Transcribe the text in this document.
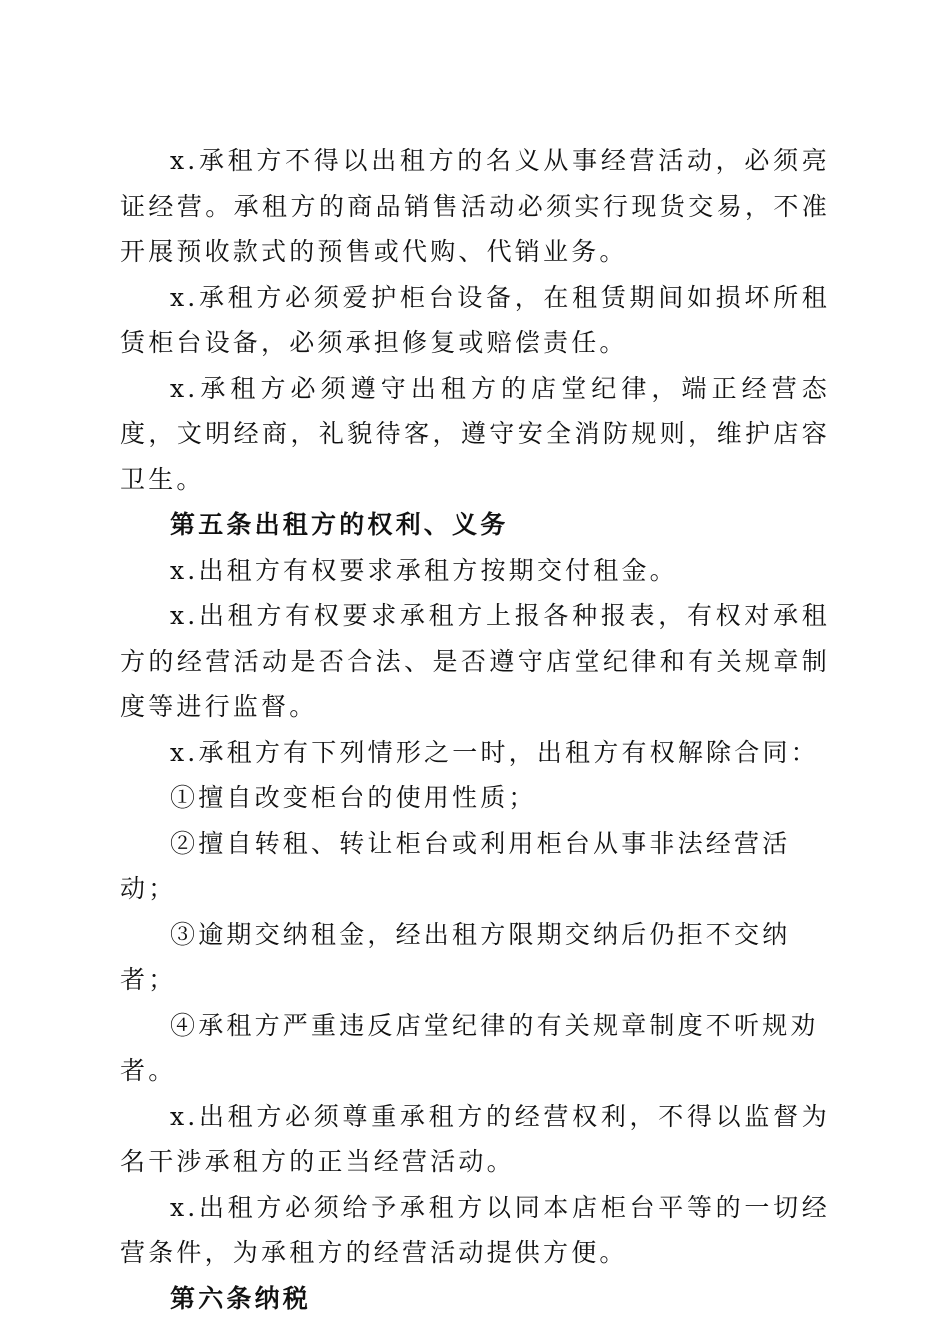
x.承租方不得以出租方的名义从事经营活动，必须亮证经营。承租方的商品销售活动必须实行现货交易，不准开展预收款式的预售或代购、代销业务。

x.承租方必须爱护柜台设备，在租赁期间如损坏所租赁柜台设备，必须承担修复或赔偿责任。

x.承租方必须遵守出租方的店堂纪律，端正经营态度，文明经商，礼貌待客，遵守安全消防规则，维护店容卫生。

第五条出租方的权利、义务

x.出租方有权要求承租方按期交付租金。

x.出租方有权要求承租方上报各种报表，有权对承租方的经营活动是否合法、是否遵守店堂纪律和有关规章制度等进行监督。

x.承租方有下列情形之一时，出租方有权解除合同：

①擅自改变柜台的使用性质；

②擅自转租、转让柜台或利用柜台从事非法经营活动；

③逾期交纳租金，经出租方限期交纳后仍拒不交纳者；

④承租方严重违反店堂纪律的有关规章制度不听规劝者。

x.出租方必须尊重承租方的经营权利，不得以监督为名干涉承租方的正当经营活动。

x.出租方必须给予承租方以同本店柜台平等的一切经营条件，为承租方的经营活动提供方便。

第六条纳税
